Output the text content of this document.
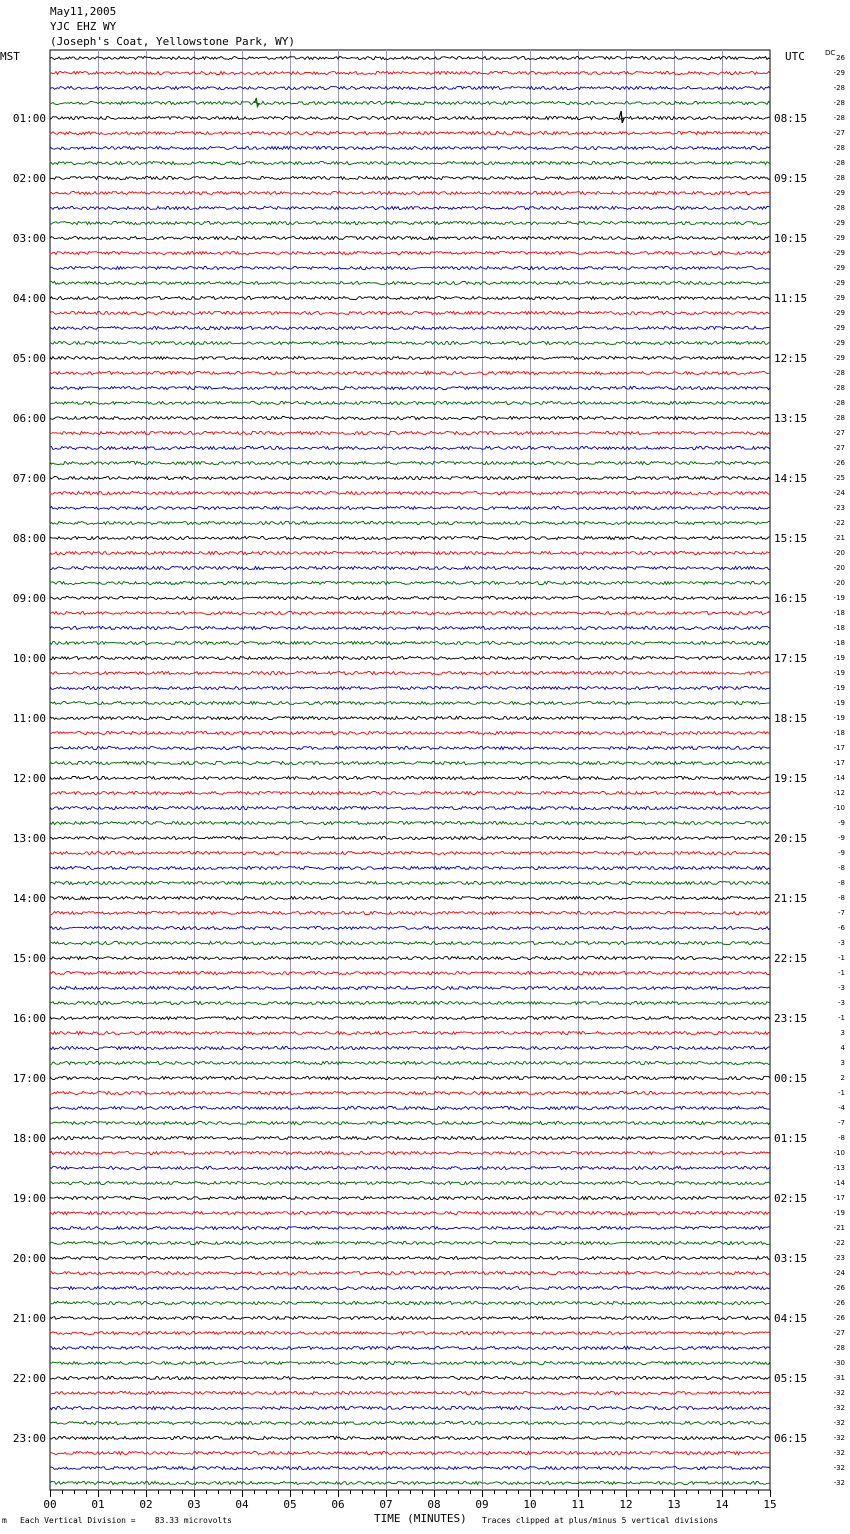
May11,2005
YJC EHZ WY
(Joseph's Coat, Yellowstone Park, WY)
MST	UTC
01:00
02:00
03:00
04:00
05:00
06:00
07:00
08:00
09:00
10:00
11:00
12:00
13:00
14:00
15:00
16:00
17:00
18:00
19:00
20:00
21:00
22:00
23:00
08:15
09:15
10:15
11:15
12:15
13:15
14:15
15:15
16:15
17:15
18:15
19:15
20:15
21:15
22:15
23:15
00:15
01:15
02:15
03:15
04:15
05:15
06:15
26
-29
-28
-28
-28
-27
-28
-28
-28
-29
-28
-29
-29
-29
-29
-29
-29
-29
-29
-29
-29
-28
-28
-28
-28
-27
-27
-26
-25
-24
-23
-22
-21
-20
-20
-20
-19
-18
-18
-18
-19
-19
-19
-19
-19
-18
-17
-17
-14
-12
-10
-9
-9
-9
-8
-8
-8
-7
-6
-3
-1
-1
-3
-3
-1
3
4
3
2
-1
-4
-7
-8
-10
-13
-14
-17
-19
-21
-22
-23
-24
-26
-26
-26
-27
-28
-30
-31
-32
-32
-32
-32
-32
-32
-32
DC
00	01	02	03	04	05	06	07	08	09	10	11	12	13	14	15
m Each Vertical Division =    83.33 microvolts	Traces clipped at plus/minus 5 vertical divisions
TIME (MINUTES)
